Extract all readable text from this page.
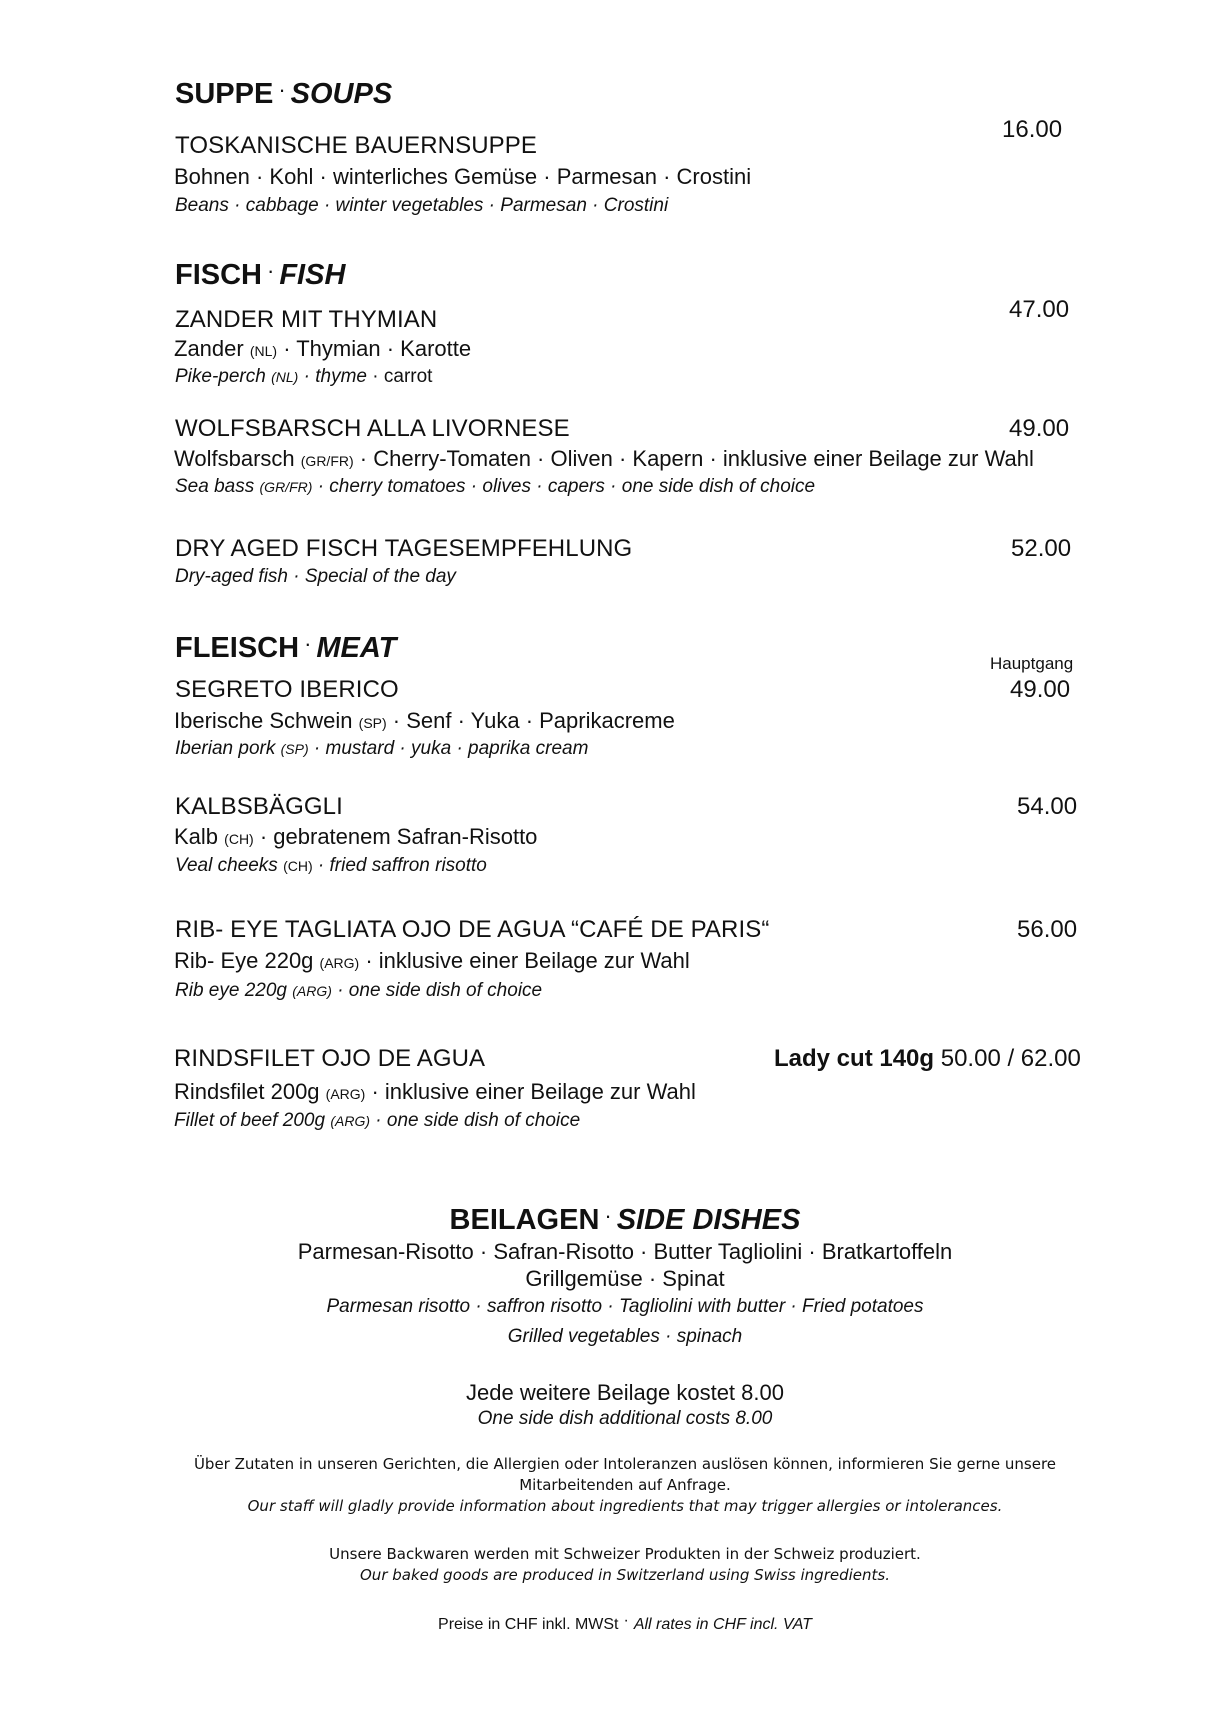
SUPPE · SOUPS
16.00
TOSKANISCHE BAUERNSUPPE
Bohnen · Kohl · winterliches Gemüse · Parmesan · Crostini
Beans · cabbage · winter vegetables · Parmesan · Crostini
FISCH · FISH
47.00
ZANDER MIT THYMIAN
Zander (NL) · Thymian · Karotte
Pike-perch (NL) · thyme · carrot
WOLFSBARSCH ALLA LIVORNESE	49.00
Wolfsbarsch (GR/FR) · Cherry-Tomaten · Oliven · Kapern · inklusive einer Beilage zur Wahl
Sea bass (GR/FR) · cherry tomatoes · olives · capers · one side dish of choice
DRY AGED FISCH TAGESEMPFEHLUNG	52.00
Dry-aged fish · Special of the day
FLEISCH · MEAT	Hauptgang
SEGRETO IBERICO	49.00
Iberische Schwein (SP) · Senf · Yuka · Paprikacreme
Iberian pork (SP) · mustard · yuka · paprika cream
KALBSBÄGGLI	54.00
Kalb (CH) · gebratenem Safran-Risotto
Veal cheeks (CH) · fried saffron risotto
RIB- EYE TAGLIATA OJO DE AGUA “CAFÉ DE PARIS“	56.00
Rib- Eye 220g (ARG) · inklusive einer Beilage zur Wahl
Rib eye 220g (ARG) · one side dish of choice
RINDSFILET OJO DE AGUA	Lady cut 140g 50.00 / 62.00
Rindsfilet 200g (ARG) · inklusive einer Beilage zur Wahl
Fillet of beef 200g (ARG) · one side dish of choice
BEILAGEN · SIDE DISHES
Parmesan-Risotto · Safran-Risotto · Butter Tagliolini · Bratkartoffeln
Grillgemüse · Spinat
Parmesan risotto · saffron risotto · Tagliolini with butter · Fried potatoes
Grilled vegetables · spinach
Jede weitere Beilage kostet 8.00
One side dish additional costs 8.00
Über Zutaten in unseren Gerichten, die Allergien oder Intoleranzen auslösen können, informieren Sie gerne unsere
Mitarbeitenden auf Anfrage.
Our staff will gladly provide information about ingredients that may trigger allergies or intolerances.
Unsere Backwaren werden mit Schweizer Produkten in der Schweiz produziert.
Our baked goods are produced in Switzerland using Swiss ingredients.
Preise in CHF inkl. MWSt · All rates in CHF incl. VAT
